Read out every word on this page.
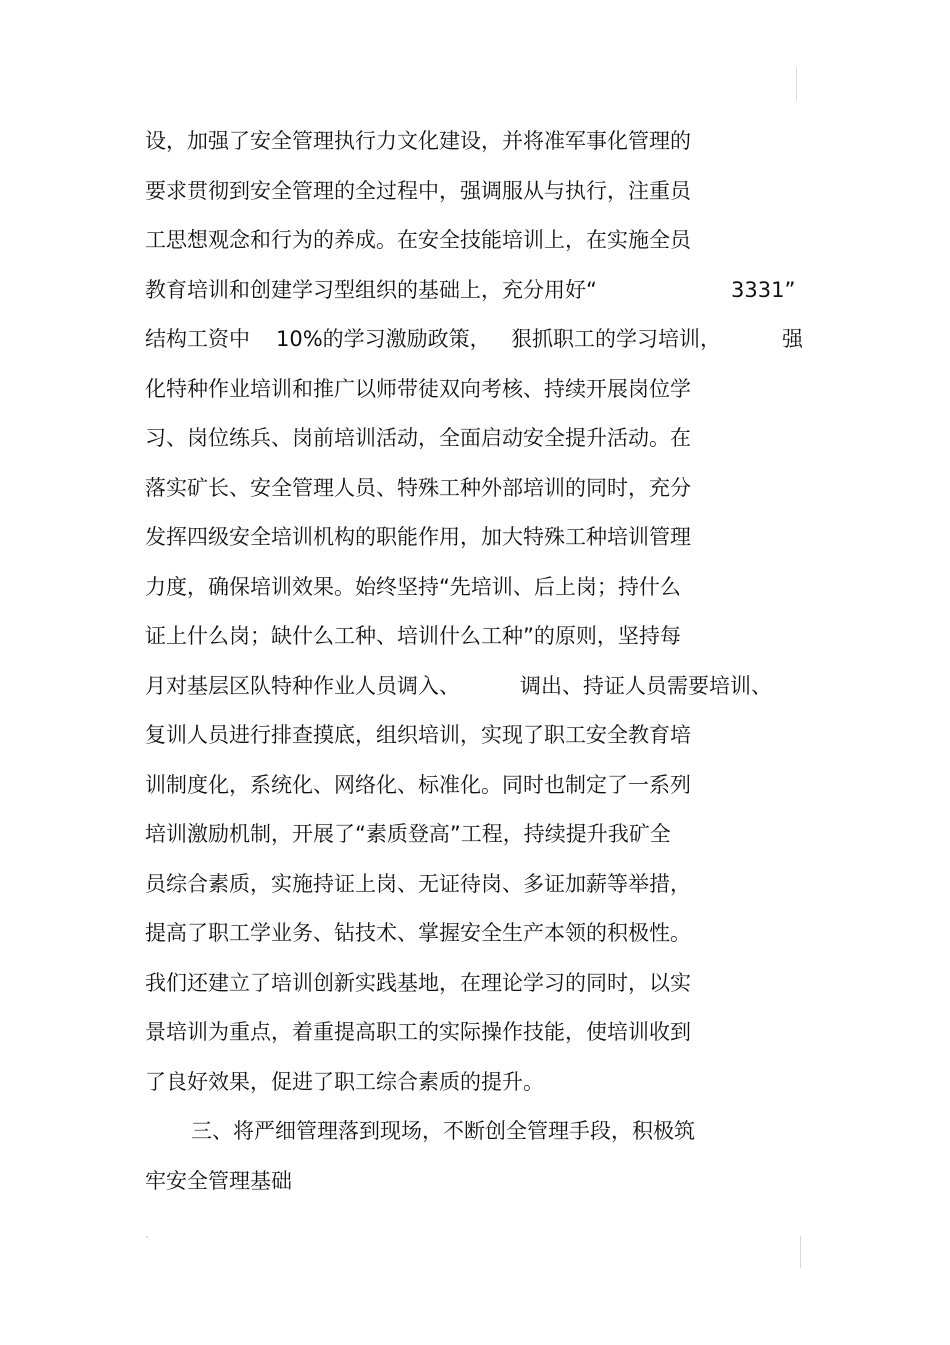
设，加强了安全管理执行力文化建设，并将准军事化管理的
要求贯彻到安全管理的全过程中，强调服从与执行，注重员
工思想观念和行为的养成。在安全技能培训上，在实施全员
教育培训和创建学习型组织的基础上，充分用好“	3331”
结构工资中 10%的学习激励政策， 狠抓职工的学习培训，	强
化特种作业培训和推广以师带徒双向考核、持续开展岗位学
习、岗位练兵、岗前培训活动，全面启动安全提升活动。在
落实矿长、安全管理人员、特殊工种外部培训的同时，充分
发挥四级安全培训机构的职能作用，加大特殊工种培训管理
力度，确保培训效果。始终坚持“先培训、后上岗；持什么
证上什么岗；缺什么工种、培训什么工种”的原则，坚持每
月对基层区队特种作业人员调入、	调出、持证人员需要培训、
复训人员进行排查摸底，组织培训，实现了职工安全教育培
训制度化，系统化、网络化、标准化。同时也制定了一系列
培训激励机制，开展了“素质登高”工程，持续提升我矿全
员综合素质，实施持证上岗、无证待岗、多证加薪等举措，
提高了职工学业务、钻技术、掌握安全生产本领的积极性。
我们还建立了培训创新实践基地，在理论学习的同时，以实
景培训为重点，着重提高职工的实际操作技能，使培训收到
了良好效果，促进了职工综合素质的提升。
三、将严细管理落到现场，不断创全管理手段，积极筑
牢安全管理基础
